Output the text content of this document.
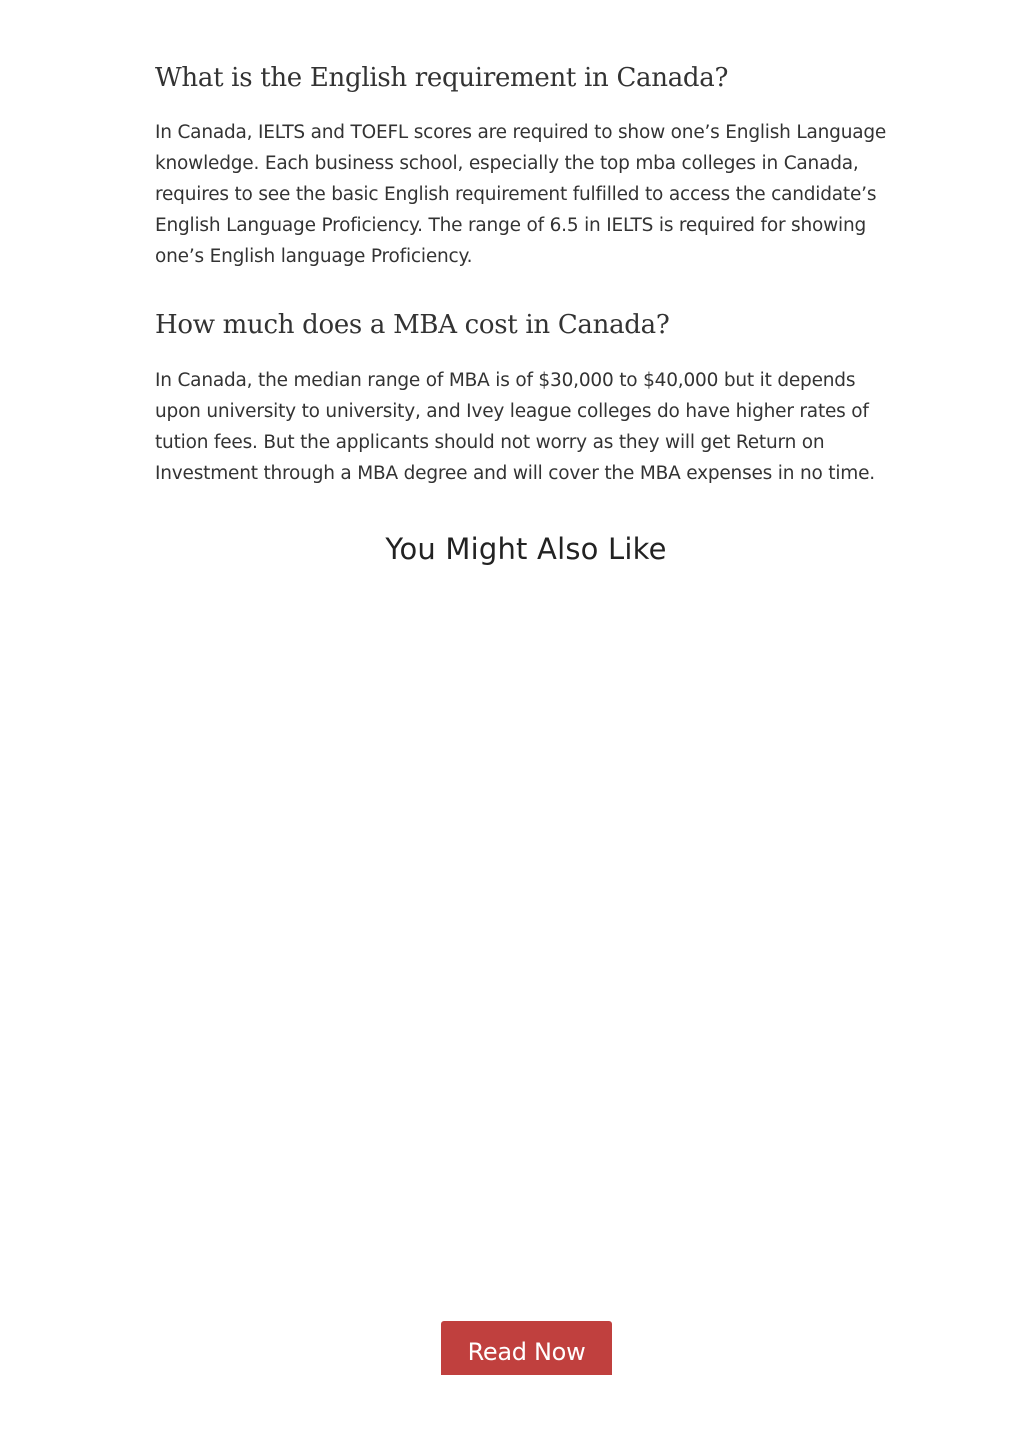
What is the English requirement in Canada?

In Canada, IELTS and TOEFL scores are required to show one’s English Language knowledge. Each business school, especially the top mba colleges in Canada, requires to see the basic English requirement fulfilled to access the candidate’s English Language Proficiency. The range of 6.5 in IELTS is required for showing one’s English language Proficiency.

How much does a MBA cost in Canada?

In Canada, the median range of MBA is of $30,000 to $40,000 but it depends upon university to university, and Ivey league colleges do have higher rates of tution fees. But the applicants should not worry as they will get Return on Investment through a MBA degree and will cover the MBA expenses in no time.

You Might Also Like
Read Now
